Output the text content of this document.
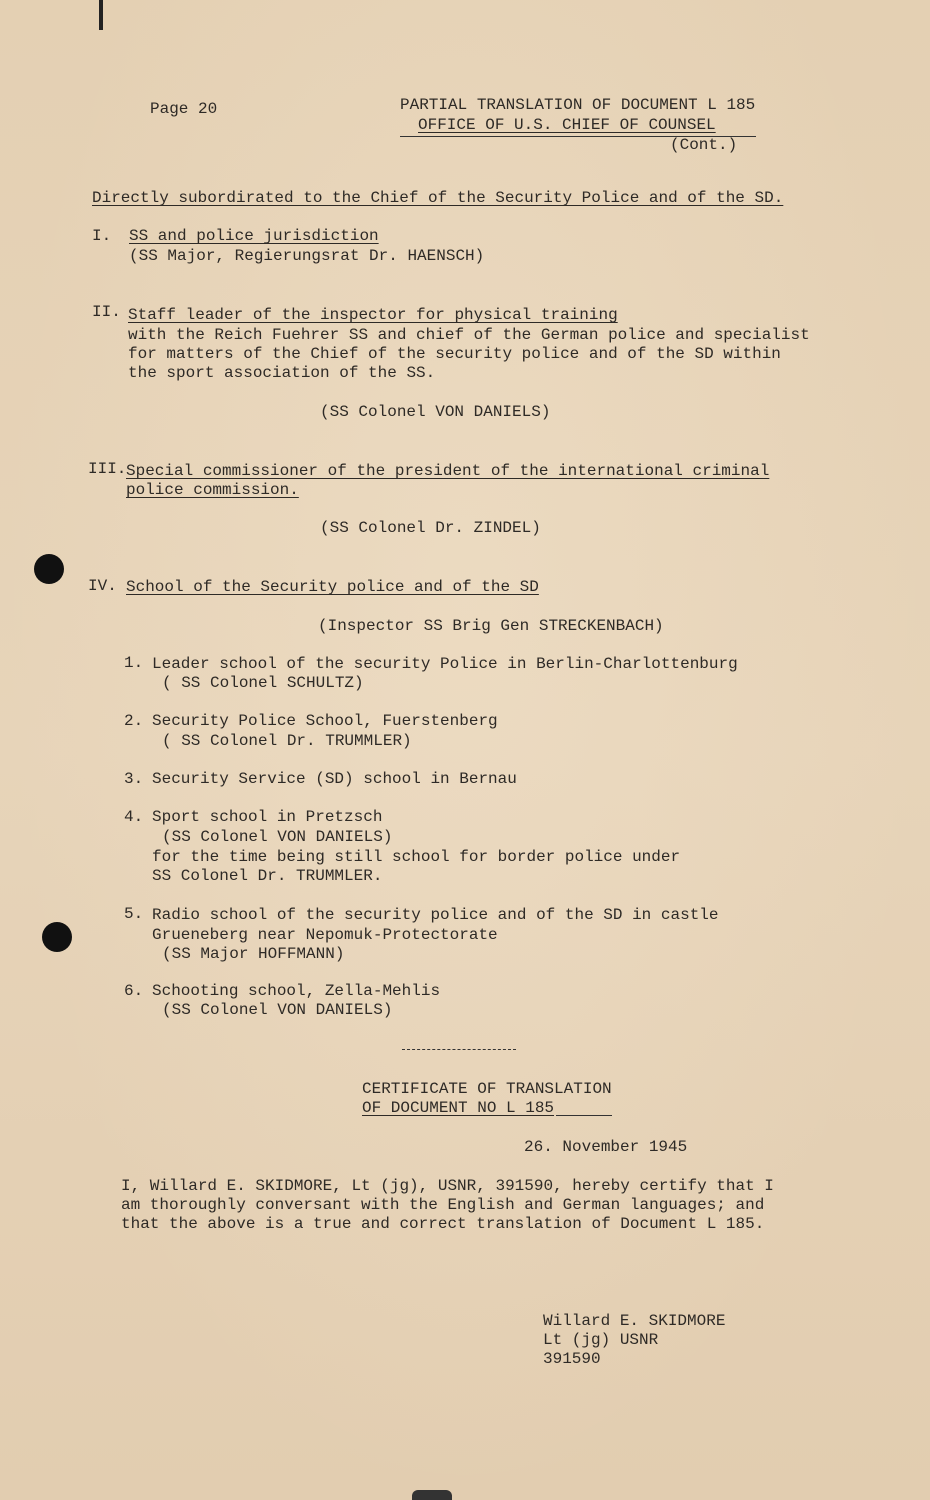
Page 20	PARTIAL TRANSLATION OF DOCUMENT L 185
OFFICE OF U.S. CHIEF OF COUNSEL
(Cont.)
Directly subordirated to the Chief of the Security Police and of the SD.
I. SS and police jurisdiction
(SS Major, Regierungsrat Dr. HAENSCH)
II. Staff leader of the inspector for physical training
with the Reich Fuehrer SS and chief of the German police and specialist
for matters of the Chief of the security police and of the SD within
the sport association of the SS.
(SS Colonel VON DANIELS)
III. Special commissioner of the president of the international criminal
police commission.
(SS Colonel Dr. ZINDEL)
IV. School of the Security police and of the SD
(Inspector SS Brig Gen STRECKENBACH)
1. Leader school of the security Police in Berlin-Charlottenburg
( SS Colonel SCHULTZ)
2. Security Police School, Fuerstenberg
( SS Colonel Dr. TRUMMLER)
3. Security Service (SD) school in Bernau
4. Sport school in Pretzsch
(SS Colonel VON DANIELS)
for the time being still school for border police under
SS Colonel Dr. TRUMMLER.
5. Radio school of the security police and of the SD in castle
Grueneberg near Nepomuk-Protectorate
(SS Major HOFFMANN)
6. Schooting school, Zella-Mehlis
(SS Colonel VON DANIELS)
CERTIFICATE OF TRANSLATION
OF DOCUMENT NO L 185
26. November 1945
I, Willard E. SKIDMORE, Lt (jg), USNR, 391590, hereby certify that I
am thoroughly conversant with the English and German languages; and
that the above is a true and correct translation of Document L 185.
Willard E. SKIDMORE
Lt (jg) USNR
391590
